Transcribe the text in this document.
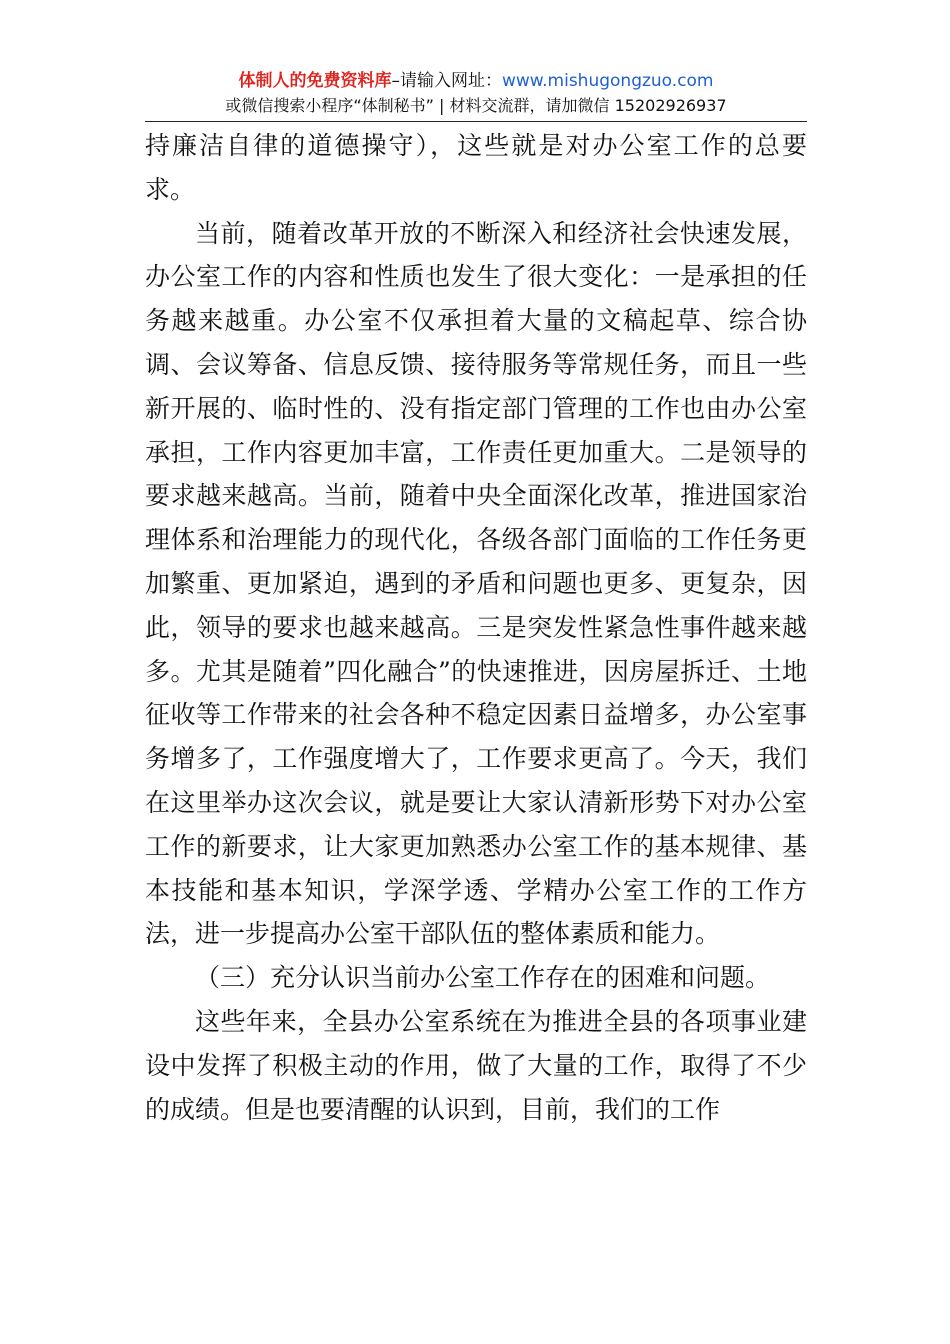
体制人的免费资料库–请输入网址：www.mishugongzuo.com
或微信搜索小程序“体制秘书” | 材料交流群，请加微信 15202926937

持廉洁自律的道德操守），这些就是对办公室工作的总要求。

当前，随着改革开放的不断深入和经济社会快速发展，办公室工作的内容和性质也发生了很大变化：一是承担的任务越来越重。办公室不仅承担着大量的文稿起草、综合协调、会议筹备、信息反馈、接待服务等常规任务，而且一些新开展的、临时性的、没有指定部门管理的工作也由办公室承担，工作内容更加丰富，工作责任更加重大。二是领导的要求越来越高。当前，随着中央全面深化改革，推进国家治理体系和治理能力的现代化，各级各部门面临的工作任务更加繁重、更加紧迫，遇到的矛盾和问题也更多、更复杂，因此，领导的要求也越来越高。三是突发性紧急性事件越来越多。尤其是随着”四化融合”的快速推进，因房屋拆迁、土地征收等工作带来的社会各种不稳定因素日益增多，办公室事务增多了，工作强度增大了，工作要求更高了。今天，我们在这里举办这次会议，就是要让大家认清新形势下对办公室工作的新要求，让大家更加熟悉办公室工作的基本规律、基本技能和基本知识，学深学透、学精办公室工作的工作方法，进一步提高办公室干部队伍的整体素质和能力。

（三）充分认识当前办公室工作存在的困难和问题。

这些年来，全县办公室系统在为推进全县的各项事业建设中发挥了积极主动的作用，做了大量的工作，取得了不少的成绩。但是也要清醒的认识到，目前，我们的工作
